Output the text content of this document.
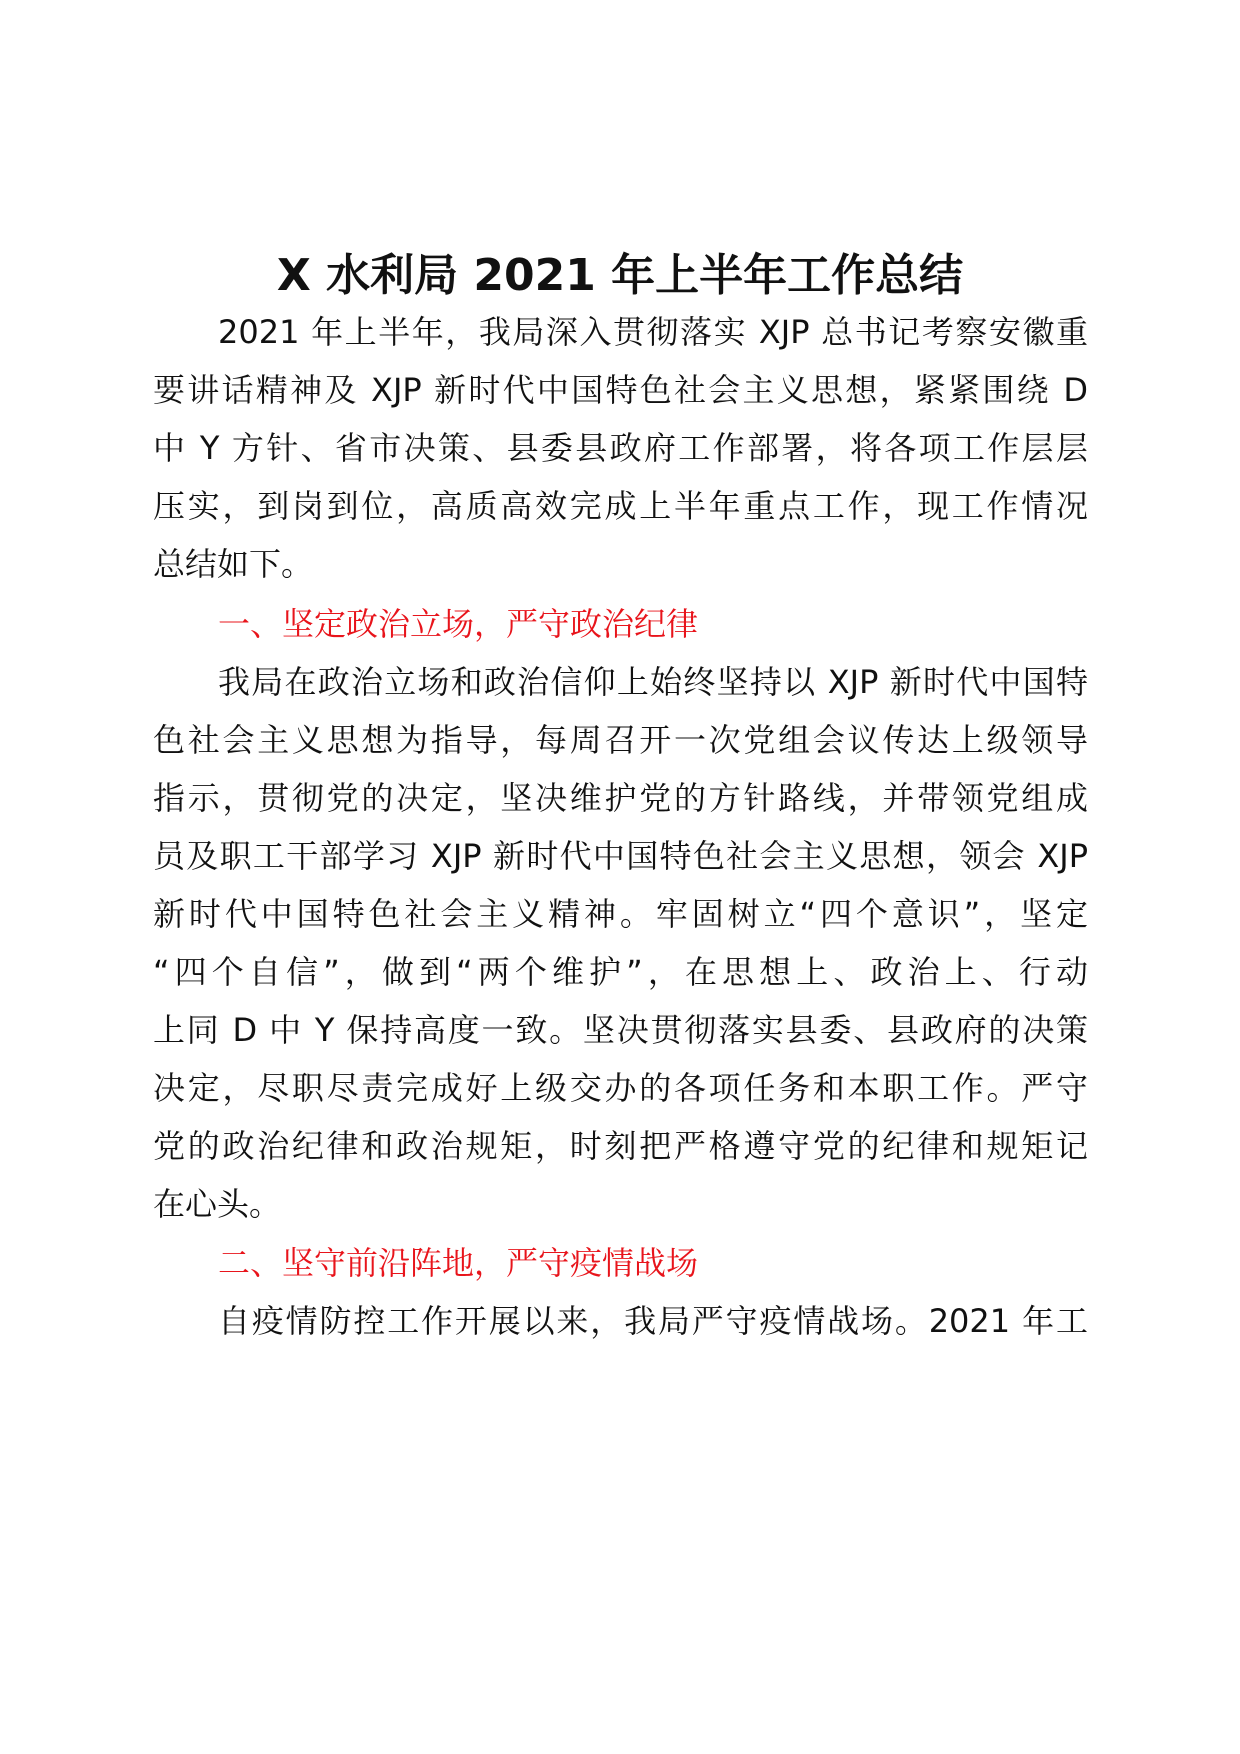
X 水利局 2021 年上半年工作总结

2021 年上半年，我局深入贯彻落实 XJP 总书记考察安徽重

要讲话精神及 XJP 新时代中国特色社会主义思想，紧紧围绕 D

中 Y 方针、省市决策、县委县政府工作部署，将各项工作层层

压实，到岗到位，高质高效完成上半年重点工作，现工作情况

总结如下。

一、坚定政治立场，严守政治纪律

我局在政治立场和政治信仰上始终坚持以 XJP 新时代中国特

色社会主义思想为指导，每周召开一次党组会议传达上级领导

指示，贯彻党的决定，坚决维护党的方针路线，并带领党组成

员及职工干部学习 XJP 新时代中国特色社会主义思想，领会 XJP

新时代中国特色社会主义精神。牢固树立“四个意识”，坚定

“四个自信”，做到“两个维护”，在思想上、政治上、行动

上同 D 中 Y 保持高度一致。坚决贯彻落实县委、县政府的决策

决定，尽职尽责完成好上级交办的各项任务和本职工作。严守

党的政治纪律和政治规矩，时刻把严格遵守党的纪律和规矩记

在心头。

二、坚守前沿阵地，严守疫情战场

自疫情防控工作开展以来，我局严守疫情战场。2021 年工
